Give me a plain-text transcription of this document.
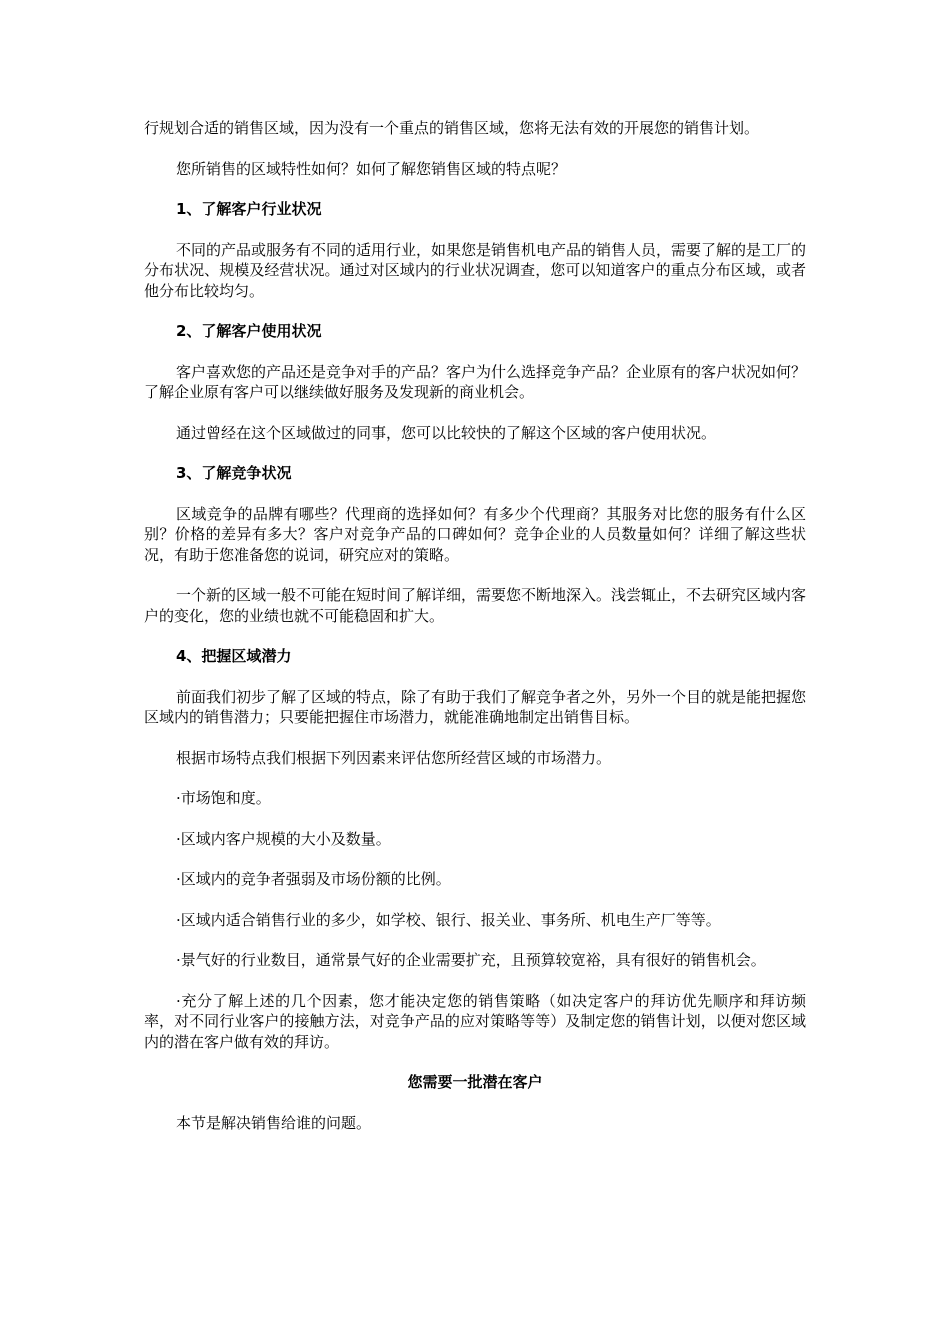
行规划合适的销售区域，因为没有一个重点的销售区域，您将无法有效的开展您的销售计划。

您所销售的区域特性如何？如何了解您销售区域的特点呢？

1、了解客户行业状况

不同的产品或服务有不同的适用行业，如果您是销售机电产品的销售人员，需要了解的是工厂的分布状况、规模及经营状况。通过对区域内的行业状况调查，您可以知道客户的重点分布区域，或者他分布比较均匀。

2、了解客户使用状况

客户喜欢您的产品还是竞争对手的产品？客户为什么选择竞争产品？企业原有的客户状况如何？了解企业原有客户可以继续做好服务及发现新的商业机会。

通过曾经在这个区域做过的同事，您可以比较快的了解这个区域的客户使用状况。

3、了解竞争状况

区域竞争的品牌有哪些？代理商的选择如何？有多少个代理商？其服务对比您的服务有什么区别？价格的差异有多大？客户对竞争产品的口碑如何？竞争企业的人员数量如何？详细了解这些状况，有助于您准备您的说词，研究应对的策略。

一个新的区域一般不可能在短时间了解详细，需要您不断地深入。浅尝辄止，不去研究区域内客户的变化，您的业绩也就不可能稳固和扩大。

4、把握区域潜力

前面我们初步了解了区域的特点，除了有助于我们了解竞争者之外，另外一个目的就是能把握您区域内的销售潜力；只要能把握住市场潜力，就能准确地制定出销售目标。

根据市场特点我们根据下列因素来评估您所经营区域的市场潜力。

·市场饱和度。

·区域内客户规模的大小及数量。

·区域内的竞争者强弱及市场份额的比例。

·区域内适合销售行业的多少，如学校、银行、报关业、事务所、机电生产厂等等。

·景气好的行业数目，通常景气好的企业需要扩充，且预算较宽裕，具有很好的销售机会。

·充分了解上述的几个因素，您才能决定您的销售策略（如决定客户的拜访优先顺序和拜访频率，对不同行业客户的接触方法，对竞争产品的应对策略等等）及制定您的销售计划，以便对您区域内的潜在客户做有效的拜访。

您需要一批潜在客户

本节是解决销售给谁的问题。
